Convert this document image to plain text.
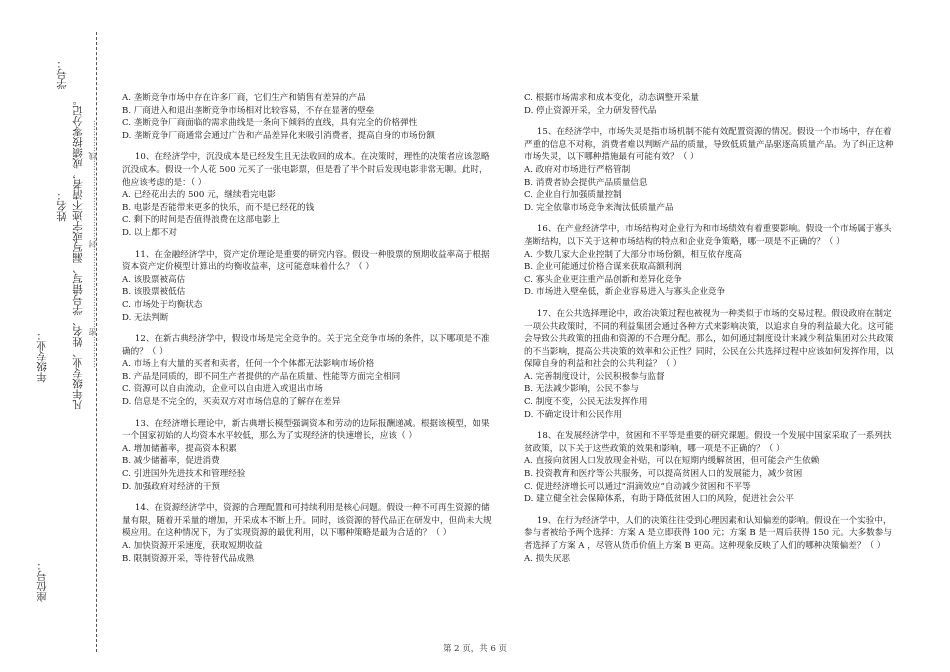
座位号：
年级专业：
姓名：
学号：
凡年级专业、姓名、学号错写、漏写或字迹不清者，成绩按零分记。 …………密…………………………封…………………………线…………

A. 垄断竞争市场中存在许多厂商，它们生产和销售有差异的产品

B. 厂商进入和退出垄断竞争市场相对比较容易，不存在显著的壁垒

C. 垄断竞争厂商面临的需求曲线是一条向下倾斜的直线，具有完全的价格弹性

D. 垄断竞争厂商通常会通过广告和产品差异化来吸引消费者，提高自身的市场份额

10、在经济学中，沉没成本是已经发生且无法收回的成本。在决策时，理性的决策者应该忽略沉没成本。假设一个人花 500 元买了一张电影票，但是看了半个时后发现电影非常无聊。此时，他应该考虑的是：（ ）

A. 已经花出去的 500 元，继续看完电影

B. 电影是否能带来更多的快乐，而不是已经花的钱

C. 剩下的时间是否值得浪费在这部电影上

D. 以上都不对

11、在金融经济学中，资产定价理论是重要的研究内容。假设一种股票的预期收益率高于根据资本资产定价模型计算出的均衡收益率，这可能意味着什么？（ ）

A. 该股票被高估

B. 该股票被低估

C. 市场处于均衡状态

D. 无法判断

12、在新古典经济学中，假设市场是完全竞争的。关于完全竞争市场的条件，以下哪项是不准确的？（ ）

A. 市场上有大量的买者和卖者，任何一个个体都无法影响市场价格

B. 产品是同质的，即不同生产者提供的产品在质量、性能等方面完全相同

C. 资源可以自由流动，企业可以自由进入或退出市场

D. 信息是不完全的，买卖双方对市场信息的了解存在差异

13、在经济增长理论中，新古典增长模型强调资本和劳动的边际报酬递减。根据该模型，如果一个国家初始的人均资本水平较低，那么为了实现经济的快速增长，应该（ ）

A. 增加储蓄率，提高资本积累

B. 减少储蓄率，促进消费

C. 引进国外先进技术和管理经验

D. 加强政府对经济的干预

14、在资源经济学中，资源的合理配置和可持续利用是核心问题。假设一种不可再生资源的储量有限，随着开采量的增加，开采成本不断上升。同时，该资源的替代品正在研发中，但尚未大规模应用。在这种情况下，为了实现资源的最优利用，以下哪种策略是最为合适的？（ ）

A. 加快资源开采速度，获取短期收益

B. 限制资源开采，等待替代品成熟

C. 根据市场需求和成本变化，动态调整开采量

D. 停止资源开采，全力研发替代品

15、在经济学中，市场失灵是指市场机制不能有效配置资源的情况。假设一个市场中，存在着严重的信息不对称，消费者难以判断产品的质量，导致低质量产品驱逐高质量产品。为了纠正这种市场失灵，以下哪种措施最有可能有效？（ ）

A. 政府对市场进行严格管制

B. 消费者协会提供产品质量信息

C. 企业自行加强质量控制

D. 完全依靠市场竞争来淘汰低质量产品

16、在产业经济学中，市场结构对企业行为和市场绩效有着重要影响。假设一个市场属于寡头垄断结构，以下关于这种市场结构的特点和企业竞争策略，哪一项是不正确的？（ ）

A. 少数几家大企业控制了大部分市场份额，相互依存度高

B. 企业可能通过价格合谋来获取高额利润

C. 寡头企业更注重产品创新和差异化竞争

D. 市场进入壁垒低，新企业容易进入与寡头企业竞争

17、在公共选择理论中，政治决策过程也被视为一种类似于市场的交易过程。假设政府在制定一项公共政策时，不同的利益集团会通过各种方式来影响决策，以追求自身的利益最大化。这可能会导致公共政策的扭曲和资源的不合理分配。那么，如何通过制度设计来减少利益集团对公共政策的不当影响，提高公共决策的效率和公正性？同时，公民在公共选择过程中应该如何发挥作用，以保障自身的利益和社会的公共利益？（ ）

A. 完善制度设计，公民积极参与监督

B. 无法减少影响，公民不参与

C. 制度不变，公民无法发挥作用

D. 不确定设计和公民作用

18、在发展经济学中，贫困和不平等是重要的研究课题。假设一个发展中国家采取了一系列扶贫政策，以下关于这些政策的效果和影响，哪一项是不正确的？（ ）

A. 直接向贫困人口发放现金补贴，可以在短期内缓解贫困，但可能会产生依赖

B. 投资教育和医疗等公共服务，可以提高贫困人口的发展能力，减少贫困

C. 促进经济增长可以通过“涓滴效应”自动减少贫困和不平等

D. 建立健全社会保障体系，有助于降低贫困人口的风险，促进社会公平

19、在行为经济学中，人们的决策往往受到心理因素和认知偏差的影响。假设在一个实验中，参与者被给予两个选择：方案 A 是立即获得 100 元；方案 B 是一周后获得 150 元。大多数参与者选择了方案 A ，尽管从货币价值上方案 B 更高。这种现象反映了人们的哪种决策偏差？（ ）

A. 损失厌恶

第 2 页，共 6 页
